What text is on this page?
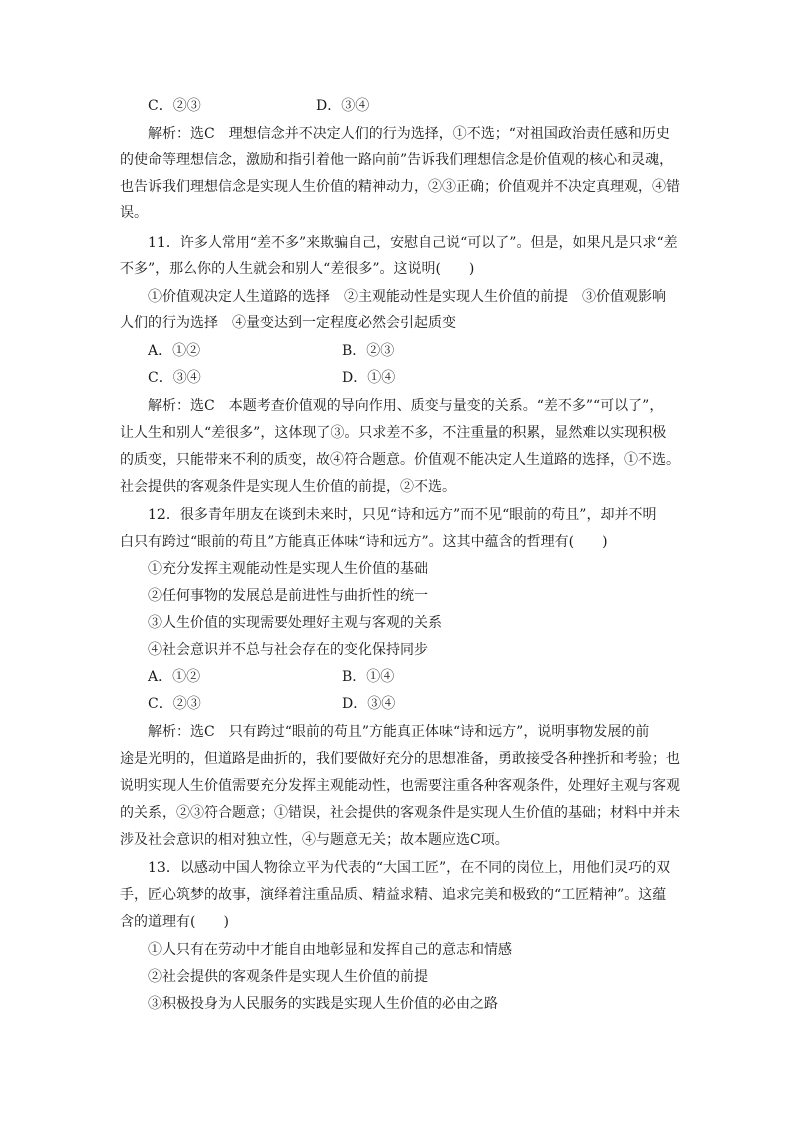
C．②③	D．③④
解析：选C　理想信念并不决定人们的行为选择，①不选；“对祖国政治责任感和历史
的使命等理想信念，激励和指引着他一路向前”告诉我们理想信念是价值观的核心和灵魂，
也告诉我们理想信念是实现人生价值的精神动力，②③正确；价值观并不决定真理观，④错
误。
11．许多人常用“差不多”来欺骗自己，安慰自己说“可以了”。但是，如果凡是只求“差
不多”，那么你的人生就会和别人“差很多”。这说明(　　)
①价值观决定人生道路的选择　②主观能动性是实现人生价值的前提　③价值观影响
人们的行为选择　④量变达到一定程度必然会引起质变
A．①②	B．②③
C．③④	D．①④
解析：选C　本题考查价值观的导向作用、质变与量变的关系。“差不多”“可以了”，
让人生和别人“差很多”，这体现了③。只求差不多，不注重量的积累，显然难以实现积极
的质变，只能带来不利的质变，故④符合题意。价值观不能决定人生道路的选择，①不选。
社会提供的客观条件是实现人生价值的前提，②不选。
12．很多青年朋友在谈到未来时，只见“诗和远方”而不见“眼前的苟且”，却并不明
白只有跨过“眼前的苟且”方能真正体味“诗和远方”。这其中蕴含的哲理有(　　)
①充分发挥主观能动性是实现人生价值的基础
②任何事物的发展总是前进性与曲折性的统一
③人生价值的实现需要处理好主观与客观的关系
④社会意识并不总与社会存在的变化保持同步
A．①②	B．①④
C．②③	D．③④
解析：选C　只有跨过“眼前的苟且”方能真正体味“诗和远方”，说明事物发展的前
途是光明的，但道路是曲折的，我们要做好充分的思想准备，勇敢接受各种挫折和考验；也
说明实现人生价值需要充分发挥主观能动性，也需要注重各种客观条件，处理好主观与客观
的关系，②③符合题意；①错误，社会提供的客观条件是实现人生价值的基础；材料中并未
涉及社会意识的相对独立性，④与题意无关；故本题应选C项。
13．以感动中国人物徐立平为代表的“大国工匠”，在不同的岗位上，用他们灵巧的双
手，匠心筑梦的故事，演绎着注重品质、精益求精、追求完美和极致的“工匠精神”。这蕴
含的道理有(　　)
①人只有在劳动中才能自由地彰显和发挥自己的意志和情感
②社会提供的客观条件是实现人生价值的前提
③积极投身为人民服务的实践是实现人生价值的必由之路
